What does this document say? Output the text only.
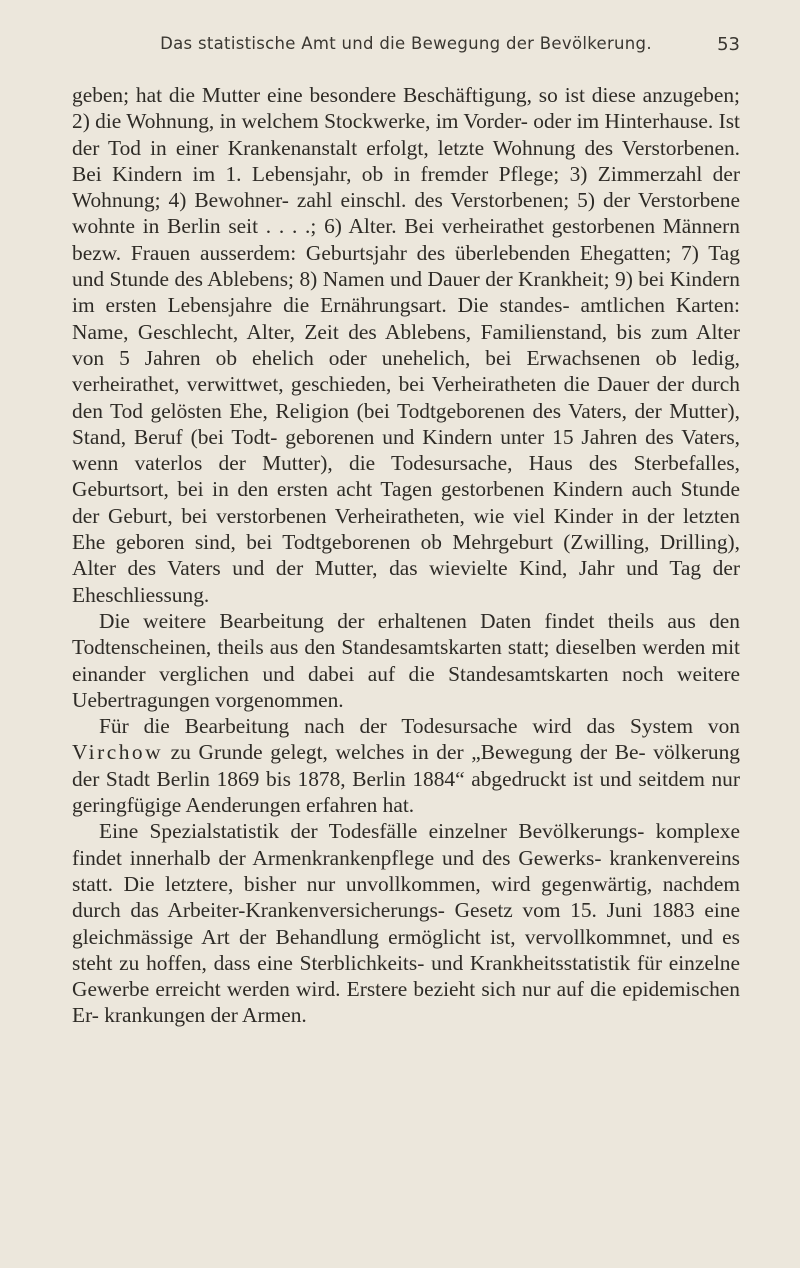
Das statistische Amt und die Bewegung der Bevölkerung.	53

geben; hat die Mutter eine besondere Beschäftigung, so ist diese anzugeben; 2) die Wohnung, in welchem Stockwerke, im Vorder- oder im Hinterhause. Ist der Tod in einer Krankenanstalt erfolgt, letzte Wohnung des Verstorbenen. Bei Kindern im 1. Lebensjahr, ob in fremder Pflege; 3) Zimmerzahl der Wohnung; 4) Bewohner- zahl einschl. des Verstorbenen; 5) der Verstorbene wohnte in Berlin seit . . . .; 6) Alter. Bei verheirathet gestorbenen Männern bezw. Frauen ausserdem: Geburtsjahr des überlebenden Ehegatten; 7) Tag und Stunde des Ablebens; 8) Namen und Dauer der Krankheit; 9) bei Kindern im ersten Lebensjahre die Ernährungsart. Die standes- amtlichen Karten: Name, Geschlecht, Alter, Zeit des Ablebens, Familienstand, bis zum Alter von 5 Jahren ob ehelich oder unehelich, bei Erwachsenen ob ledig, verheirathet, verwittwet, geschieden, bei Verheiratheten die Dauer der durch den Tod gelösten Ehe, Religion (bei Todtgeborenen des Vaters, der Mutter), Stand, Beruf (bei Todt- geborenen und Kindern unter 15 Jahren des Vaters, wenn vaterlos der Mutter), die Todesursache, Haus des Sterbefalles, Geburtsort, bei in den ersten acht Tagen gestorbenen Kindern auch Stunde der Geburt, bei verstorbenen Verheiratheten, wie viel Kinder in der letzten Ehe geboren sind, bei Todtgeborenen ob Mehrgeburt (Zwilling, Drilling), Alter des Vaters und der Mutter, das wievielte Kind, Jahr und Tag der Eheschliessung.

Die weitere Bearbeitung der erhaltenen Daten findet theils aus den Todtenscheinen, theils aus den Standesamtskarten statt; dieselben werden mit einander verglichen und dabei auf die Standesamtskarten noch weitere Uebertragungen vorgenommen.

Für die Bearbeitung nach der Todesursache wird das System von Virchow zu Grunde gelegt, welches in der „Bewegung der Be- völkerung der Stadt Berlin 1869 bis 1878, Berlin 1884“ abgedruckt ist und seitdem nur geringfügige Aenderungen erfahren hat.

Eine Spezialstatistik der Todesfälle einzelner Bevölkerungs- komplexe findet innerhalb der Armenkrankenpflege und des Gewerks- krankenvereins statt. Die letztere, bisher nur unvollkommen, wird gegenwärtig, nachdem durch das Arbeiter-Krankenversicherungs- Gesetz vom 15. Juni 1883 eine gleichmässige Art der Behandlung ermöglicht ist, vervollkommnet, und es steht zu hoffen, dass eine Sterblichkeits- und Krankheitsstatistik für einzelne Gewerbe erreicht werden wird. Erstere bezieht sich nur auf die epidemischen Er- krankungen der Armen.
